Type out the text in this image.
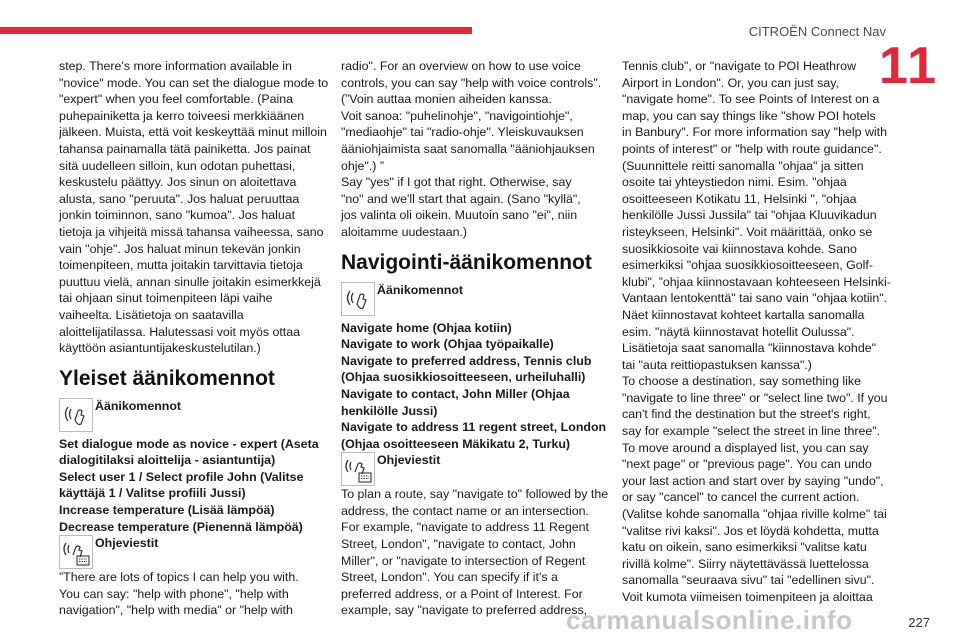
CITROËN Connect Nav
11

step. There's more information available in
"novice" mode. You can set the dialogue mode to
"expert" when you feel comfortable. (Paina
puhepainiketta ja kerro toiveesi merkkiäänen
jälkeen. Muista, että voit keskeyttää minut milloin
tahansa painamalla tätä painiketta. Jos painat
sitä uudelleen silloin, kun odotan puhettasi,
keskustelu päättyy. Jos sinun on aloitettava
alusta, sano "peruuta". Jos haluat peruuttaa
jonkin toiminnon, sano "kumoa". Jos haluat
tietoja ja vihjeitä missä tahansa vaiheessa, sano
vain "ohje". Jos haluat minun tekevän jonkin
toimenpiteen, mutta joitakin tarvittavia tietoja
puuttuu vielä, annan sinulle joitakin esimerkkejä
tai ohjaan sinut toimenpiteen läpi vaihe
vaiheelta. Lisätietoja on saatavilla
aloittelijatilassa. Halutessasi voit myös ottaa
käyttöön asiantuntijakeskustelutilan.)

Yleiset äänikomennot
Äänikomennot

Set dialogue mode as novice - expert (Aseta
dialogitilaksi aloittelija - asiantuntija)
Select user 1 / Select profile John (Valitse
käyttäjä 1 / Valitse profiili Jussi)
Increase temperature (Lisää lämpöä)
Decrease temperature (Pienennä lämpöä)

Ohjeviestit

”There are lots of topics I can help you with.
You can say: "help with phone", "help with
navigation", "help with media" or "help with

radio". For an overview on how to use voice
controls, you can say "help with voice controls".
(”Voin auttaa monien aiheiden kanssa.
Voit sanoa: "puhelinohje", "navigointiohje",
"mediaohje" tai "radio-ohje". Yleiskuvauksen
ääniohjaimista saat sanomalla "ääniohjauksen
ohje".) ”
Say "yes" if I got that right. Otherwise, say
"no" and we'll start that again. (Sano "kyllä",
jos valinta oli oikein. Muutoin sano "ei", niin
aloitamme uudestaan.)

Navigointi-äänikomennot
Äänikomennot

Navigate home (Ohjaa kotiin)
Navigate to work (Ohjaa työpaikalle)
Navigate to preferred address, Tennis club
(Ohjaa suosikkiosoitteeseen, urheiluhalli)
Navigate to contact, John Miller (Ohjaa
henkilölle Jussi)
Navigate to address 11 regent street, London
(Ohjaa osoitteeseen Mäkikatu 2, Turku)

Ohjeviestit

To plan a route, say "navigate to" followed by the
address, the contact name or an intersection.
For example, "navigate to address 11 Regent
Street, London", "navigate to contact, John
Miller", or "navigate to intersection of Regent
Street, London". You can specify if it's a
preferred address, or a Point of Interest. For
example, say "navigate to preferred address,

Tennis club", or "navigate to POI Heathrow
Airport in London". Or, you can just say,
"navigate home". To see Points of Interest on a
map, you can say things like "show POI hotels
in Banbury". For more information say "help with
points of interest" or "help with route guidance".
(Suunnittele reitti sanomalla "ohjaa" ja sitten
osoite tai yhteystiedon nimi. Esim. "ohjaa
osoitteeseen Kotikatu 11, Helsinki ", "ohjaa
henkilölle Jussi Jussila" tai "ohjaa Kluuvikadun
risteykseen, Helsinki". Voit määrittää, onko se
suosikkiosoite vai kiinnostava kohde. Sano
esimerkiksi "ohjaa suosikkiosoitteeseen, Golf-
klubi", ”ohjaa kiinnostavaan kohteeseen Helsinki-
Vantaan lentokenttä" tai sano vain "ohjaa kotiin".
Näet kiinnostavat kohteet kartalla sanomalla
esim. "näytä kiinnostavat hotellit Oulussa".
Lisätietoja saat sanomalla "kiinnostava kohde"
tai "auta reittiopastuksen kanssa".)
To choose a destination, say something like
"navigate to line three" or "select line two". If you
can't find the destination but the street's right,
say for example "select the street in line three".
To move around a displayed list, you can say
"next page" or "previous page". You can undo
your last action and start over by saying "undo",
or say "cancel" to cancel the current action.
(Valitse kohde sanomalla "ohjaa riville kolme" tai
"valitse rivi kaksi". Jos et löydä kohdetta, mutta
katu on oikein, sano esimerkiksi "valitse katu
rivillä kolme". Siirry näytettävässä luettelossa
sanomalla "seuraava sivu" tai "edellinen sivu".
Voit kumota viimeisen toimenpiteen ja aloittaa

carmanualsonline.info	227
